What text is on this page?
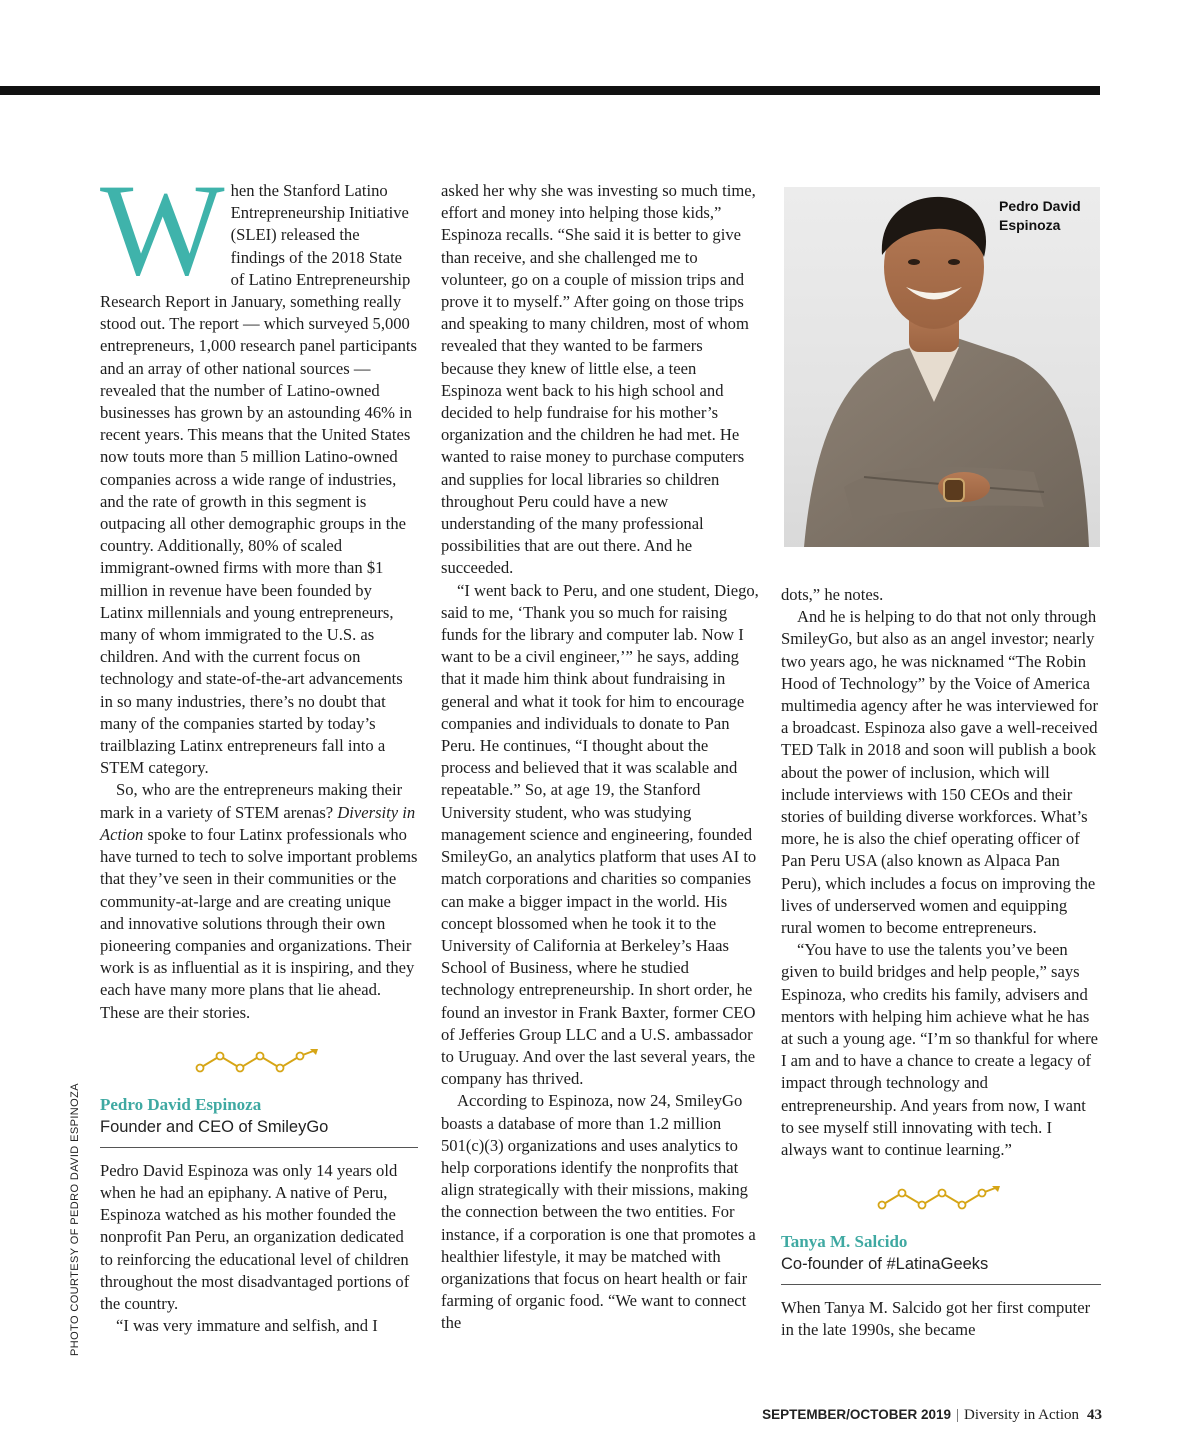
When the Stanford Latino Entrepreneurship Initiative (SLEI) released the findings of the 2018 State of Latino Entrepreneurship Research Report in January, something really stood out. The report — which surveyed 5,000 entrepreneurs, 1,000 research panel participants and an array of other national sources — revealed that the number of Latino-owned businesses has grown by an astounding 46% in recent years. This means that the United States now touts more than 5 million Latino-owned companies across a wide range of industries, and the rate of growth in this segment is outpacing all other demographic groups in the country. Additionally, 80% of scaled immigrant-owned firms with more than $1 million in revenue have been founded by Latinx millennials and young entrepreneurs, many of whom immigrated to the U.S. as children. And with the current focus on technology and state-of-the-art advancements in so many industries, there’s no doubt that many of the companies started by today’s trailblazing Latinx entrepreneurs fall into a STEM category.

So, who are the entrepreneurs making their mark in a variety of STEM arenas? Diversity in Action spoke to four Latinx professionals who have turned to tech to solve important problems that they’ve seen in their communities or the community-at-large and are creating unique and innovative solutions through their own pioneering companies and organizations. Their work is as influential as it is inspiring, and they each have many more plans that lie ahead. These are their stories.

Pedro David Espinoza
Founder and CEO of SmileyGo

Pedro David Espinoza was only 14 years old when he had an epiphany. A native of Peru, Espinoza watched as his mother founded the nonprofit Pan Peru, an organization dedicated to reinforcing the educational level of children throughout the most disadvantaged portions of the country.

“I was very immature and selfish, and I

asked her why she was investing so much time, effort and money into helping those kids,” Espinoza recalls. “She said it is better to give than receive, and she challenged me to volunteer, go on a couple of mission trips and prove it to myself.” After going on those trips and speaking to many children, most of whom revealed that they wanted to be farmers because they knew of little else, a teen Espinoza went back to his high school and decided to help fundraise for his mother’s organization and the children he had met. He wanted to raise money to purchase computers and supplies for local libraries so children throughout Peru could have a new understanding of the many professional possibilities that are out there. And he succeeded.

“I went back to Peru, and one student, Diego, said to me, ‘Thank you so much for raising funds for the library and computer lab. Now I want to be a civil engineer,’” he says, adding that it made him think about fundraising in general and what it took for him to encourage companies and individuals to donate to Pan Peru. He continues, “I thought about the process and believed that it was scalable and repeatable.” So, at age 19, the Stanford University student, who was studying management science and engineering, founded SmileyGo, an analytics platform that uses AI to match corporations and charities so companies can make a bigger impact in the world. His concept blossomed when he took it to the University of California at Berkeley’s Haas School of Business, where he studied technology entrepreneurship. In short order, he found an investor in Frank Baxter, former CEO of Jefferies Group LLC and a U.S. ambassador to Uruguay. And over the last several years, the company has thrived.

According to Espinoza, now 24, SmileyGo boasts a database of more than 1.2 million 501(c)(3) organizations and uses analytics to help corporations identify the nonprofits that align strategically with their missions, making the connection between the two entities. For instance, if a corporation is one that promotes a healthier lifestyle, it may be matched with organizations that focus on heart health or fair farming of organic food. “We want to connect the

Pedro David Espinoza

dots,” he notes.

And he is helping to do that not only through SmileyGo, but also as an angel investor; nearly two years ago, he was nicknamed “The Robin Hood of Technology” by the Voice of America multimedia agency after he was interviewed for a broadcast. Espinoza also gave a well-received TED Talk in 2018 and soon will publish a book about the power of inclusion, which will include interviews with 150 CEOs and their stories of building diverse workforces. What’s more, he is also the chief operating officer of Pan Peru USA (also known as Alpaca Pan Peru), which includes a focus on improving the lives of underserved women and equipping rural women to become entrepreneurs.

“You have to use the talents you’ve been given to build bridges and help people,” says Espinoza, who credits his family, advisers and mentors with helping him achieve what he has at such a young age. “I’m so thankful for where I am and to have a chance to create a legacy of impact through technology and entrepreneurship. And years from now, I want to see myself still innovating with tech. I always want to continue learning.”

Tanya M. Salcido
Co-founder of #LatinaGeeks

When Tanya M. Salcido got her first computer in the late 1990s, she became

PHOTO COURTESY OF PEDRO DAVID ESPINOZA
SEPTEMBER/OCTOBER 2019 | Diversity in Action 43
